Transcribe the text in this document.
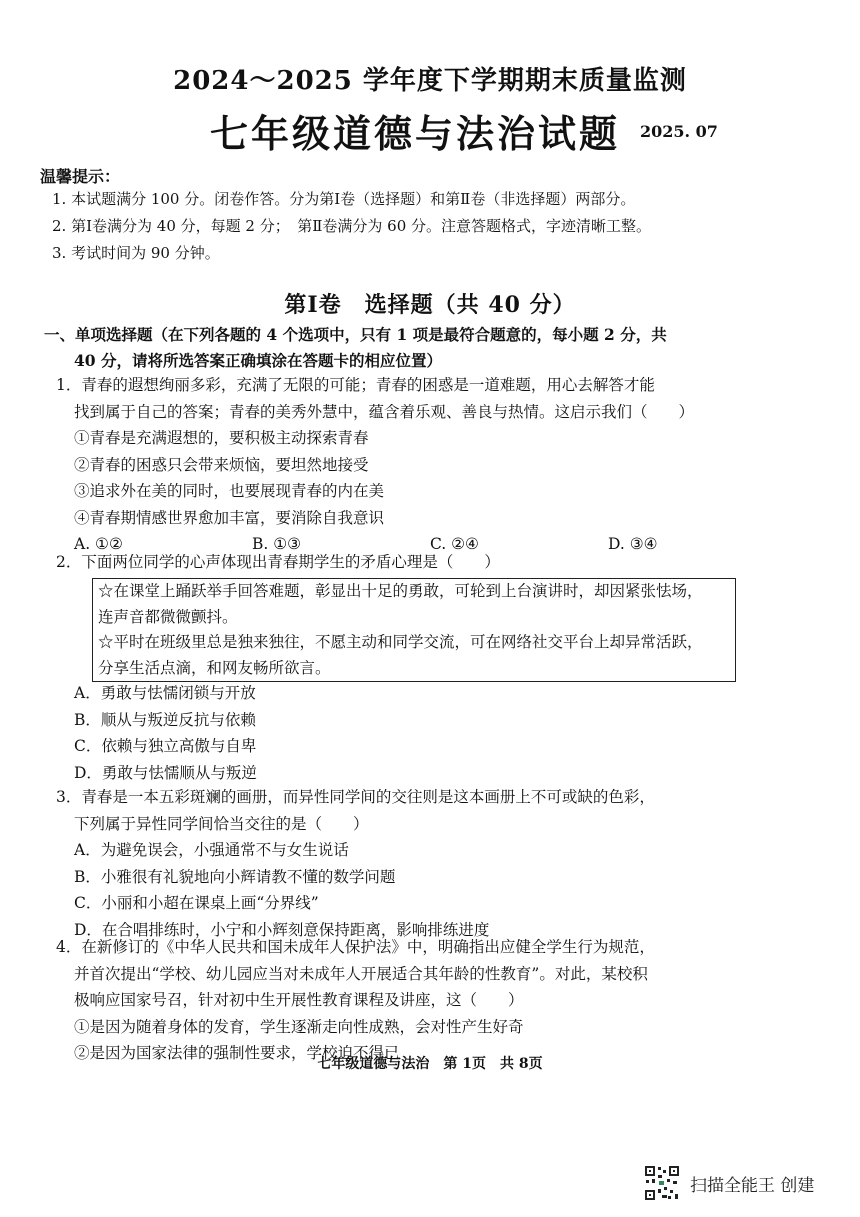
2024～2025 学年度下学期期末质量监测
七年级道德与法治试题 2025. 07
温馨提示：
1. 本试题满分 100 分。闭卷作答。分为第Ⅰ卷（选择题）和第Ⅱ卷（非选择题）两部分。
2. 第Ⅰ卷满分为 40 分，每题 2 分；　第Ⅱ卷满分为 60 分。注意答题格式，字迹清晰工整。
3. 考试时间为 90 分钟。
第Ⅰ卷　选择题（共 40 分）
一、单项选择题（在下列各题的 4 个选项中，只有 1 项是最符合题意的，每小题 2 分，共
40 分，请将所选答案正确填涂在答题卡的相应位置）
1．青春的遐想绚丽多彩，充满了无限的可能；青春的困惑是一道难题，用心去解答才能
找到属于自己的答案；青春的美秀外慧中，蕴含着乐观、善良与热情。这启示我们（　　）
①青春是充满遐想的，要积极主动探索青春
②青春的困惑只会带来烦恼，要坦然地接受
③追求外在美的同时，也要展现青春的内在美
④青春期情感世界愈加丰富，要消除自我意识
A. ①②	B. ①③	C. ②④	D. ③④
2．下面两位同学的心声体现出青春期学生的矛盾心理是（　　）
☆在课堂上踊跃举手回答难题，彰显出十足的勇敢，可轮到上台演讲时，却因紧张怯场，
连声音都微微颤抖。
☆平时在班级里总是独来独往，不愿主动和同学交流，可在网络社交平台上却异常活跃，
分享生活点滴，和网友畅所欲言。
A．勇敢与怯懦闭锁与开放
B．顺从与叛逆反抗与依赖
C．依赖与独立高傲与自卑
D．勇敢与怯懦顺从与叛逆
3．青春是一本五彩斑斓的画册，而异性同学间的交往则是这本画册上不可或缺的色彩，
下列属于异性同学间恰当交往的是（　　）
A．为避免误会，小强通常不与女生说话
B．小雅很有礼貌地向小辉请教不懂的数学问题
C．小丽和小超在课桌上画“分界线”
D．在合唱排练时，小宁和小辉刻意保持距离，影响排练进度
4．在新修订的《中华人民共和国未成年人保护法》中，明确指出应健全学生行为规范，
并首次提出“学校、幼儿园应当对未成年人开展适合其年龄的性教育”。对此，某校积
极响应国家号召，针对初中生开展性教育课程及讲座，这（　　）
①是因为随着身体的发育，学生逐渐走向性成熟，会对性产生好奇
②是因为国家法律的强制性要求，学校迫不得已
七年级道德与法治　第 1页　共 8页
扫描全能王 创建
